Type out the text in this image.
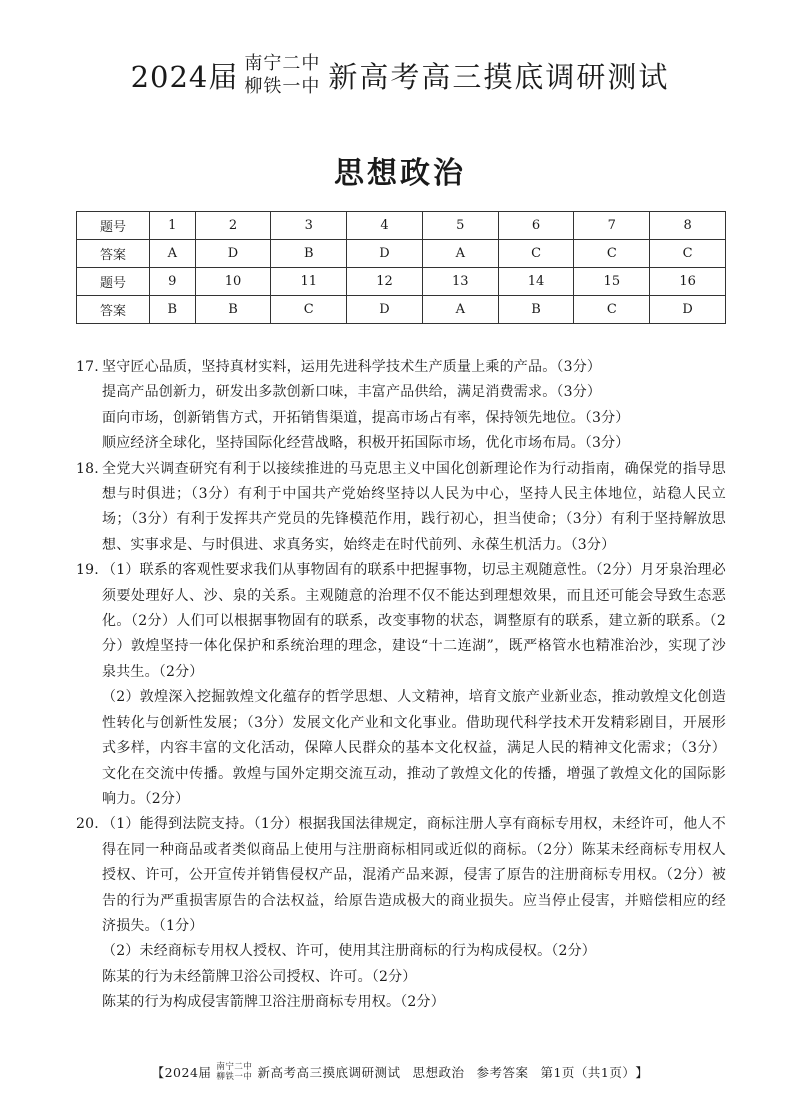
2024届 南宁二中
柳铁一中 新高考高三摸底调研测试
思想政治
题号	1	2	3	4	5	6	7	8
答案	A	D	B	D	A	C	C	C
题号	9	10	11	12	13	14	15	16
答案	B	B	C	D	A	B	C	D
17. 坚守匠心品质，坚持真材实料，运用先进科学技术生产质量上乘的产品。（3分）

提高产品创新力，研发出多款创新口味，丰富产品供给，满足消费需求。（3分）

面向市场，创新销售方式，开拓销售渠道，提高市场占有率，保持领先地位。（3分）

顺应经济全球化，坚持国际化经营战略，积极开拓国际市场，优化市场布局。（3分）

18. 全党大兴调查研究有利于以接续推进的马克思主义中国化创新理论作为行动指南，确保党的指导思想与时俱进；（3分）有利于中国共产党始终坚持以人民为中心，坚持人民主体地位，站稳人民立场；（3分）有利于发挥共产党员的先锋模范作用，践行初心，担当使命；（3分）有利于坚持解放思想、实事求是、与时俱进、求真务实，始终走在时代前列、永葆生机活力。（3分）

19. （1）联系的客观性要求我们从事物固有的联系中把握事物，切忌主观随意性。（2分）月牙泉治理必须要处理好人、沙、泉的关系。主观随意的治理不仅不能达到理想效果，而且还可能会导致生态恶化。（2分）人们可以根据事物固有的联系，改变事物的状态，调整原有的联系，建立新的联系。（2分）敦煌坚持一体化保护和系统治理的理念，建设“十二连湖”，既严格管水也精准治沙，实现了沙泉共生。（2分）

（2）敦煌深入挖掘敦煌文化蕴存的哲学思想、人文精神，培育文旅产业新业态，推动敦煌文化创造性转化与创新性发展；（3分）发展文化产业和文化事业。借助现代科学技术开发精彩剧目，开展形式多样，内容丰富的文化活动，保障人民群众的基本文化权益，满足人民的精神文化需求；（3分）文化在交流中传播。敦煌与国外定期交流互动，推动了敦煌文化的传播，增强了敦煌文化的国际影响力。（2分）

20. （1）能得到法院支持。（1分）根据我国法律规定，商标注册人享有商标专用权，未经许可，他人不得在同一种商品或者类似商品上使用与注册商标相同或近似的商标。（2分）陈某未经商标专用权人授权、许可，公开宣传并销售侵权产品，混淆产品来源，侵害了原告的注册商标专用权。（2分）被告的行为严重损害原告的合法权益，给原告造成极大的商业损失。应当停止侵害，并赔偿相应的经济损失。（1分）

（2）未经商标专用权人授权、许可，使用其注册商标的行为构成侵权。（2分）

陈某的行为未经箭牌卫浴公司授权、许可。（2分）

陈某的行为构成侵害箭牌卫浴注册商标专用权。（2分）

【 2024届 南宁二中
柳铁一中 新高考高三摸底调研测试 思想政治 参考答案 第1页（共1页） 】
